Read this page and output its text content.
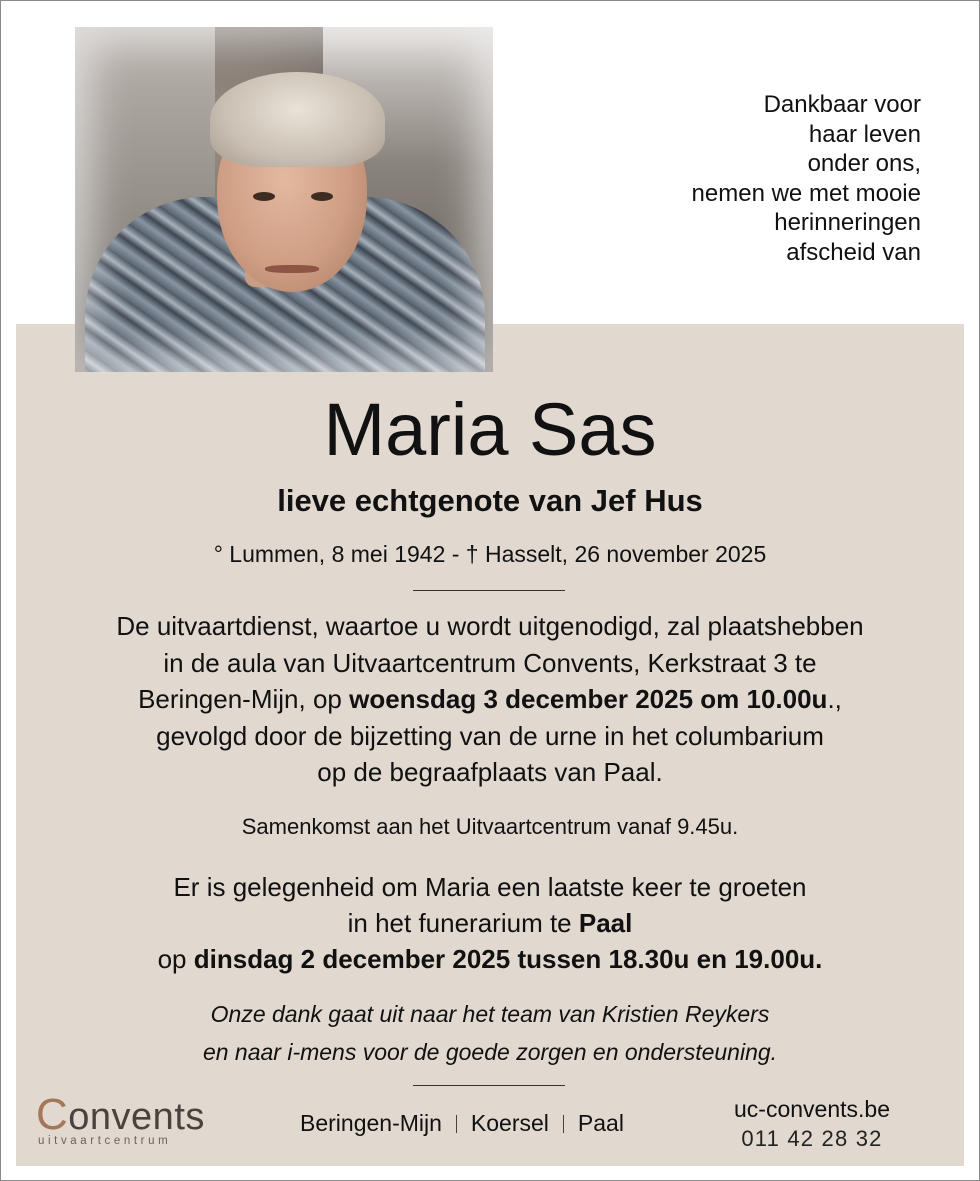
Dankbaar voor
haar leven
onder ons,
nemen we met mooie
herinneringen
afscheid van
Maria Sas
lieve echtgenote van Jef Hus
° Lummen, 8 mei 1942 - † Hasselt, 26 november 2025
De uitvaartdienst, waartoe u wordt uitgenodigd, zal plaatshebben
in de aula van Uitvaartcentrum Convents, Kerkstraat 3 te
Beringen-Mijn, op woensdag 3 december 2025 om 10.00u.,
gevolgd door de bijzetting van de urne in het columbarium
op de begraafplaats van Paal.
Samenkomst aan het Uitvaartcentrum vanaf 9.45u.
Er is gelegenheid om Maria een laatste keer te groeten
in het funerarium te Paal
op dinsdag 2 december 2025 tussen 18.30u en 19.00u.
Onze dank gaat uit naar het team van Kristien Reykers
en naar i-mens voor de goede zorgen en ondersteuning.
Convents
uitvaartcentrum
Beringen-Mijn Koersel Paal
uc-convents.be
011 42 28 32
